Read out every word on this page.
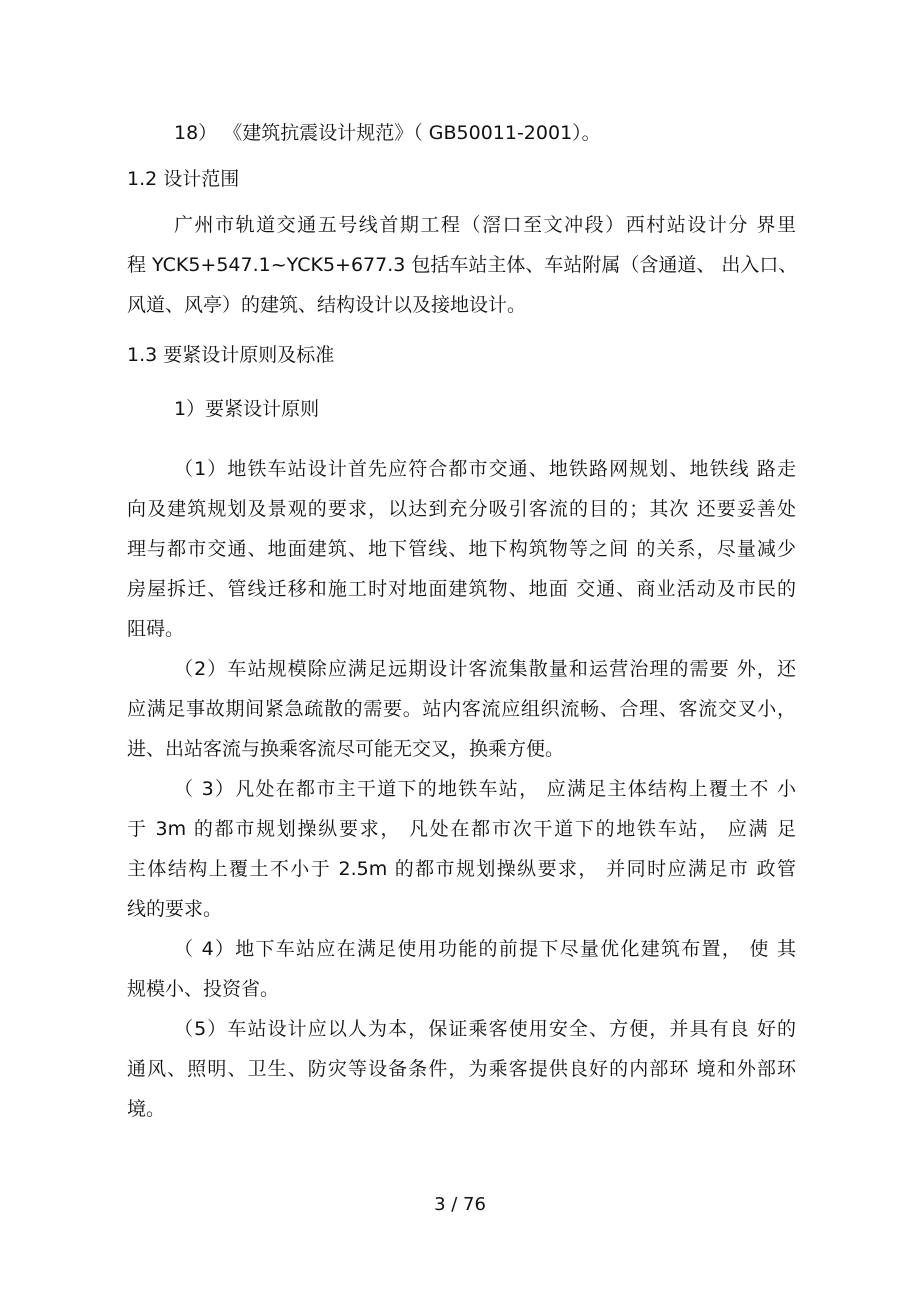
18） 《建筑抗震设计规范》（ GB50011-2001）。
1.2 设计范围
广州市轨道交通五号线首期工程（滘口至文冲段）西村站设计分 界里
程 YCK5+547.1~YCK5+677.3 包括车站主体、车站附属（含通道、 出入口、
风道、风亭）的建筑、结构设计以及接地设计。
1.3 要紧设计原则及标准
1）要紧设计原则
（1）地铁车站设计首先应符合都市交通、地铁路网规划、地铁线 路走
向及建筑规划及景观的要求，以达到充分吸引客流的目的；其次 还要妥善处
理与都市交通、地面建筑、地下管线、地下构筑物等之间 的关系，尽量减少
房屋拆迁、管线迁移和施工时对地面建筑物、地面 交通、商业活动及市民的
阻碍。
（2）车站规模除应满足远期设计客流集散量和运营治理的需要 外，还
应满足事故期间紧急疏散的需要。站内客流应组织流畅、合理、客流交叉小，
进、出站客流与换乘客流尽可能无交叉，换乘方便。
（ 3）凡处在都市主干道下的地铁车站， 应满足主体结构上覆土不 小
于 3m 的都市规划操纵要求， 凡处在都市次干道下的地铁车站， 应满 足
主体结构上覆土不小于 2.5m 的都市规划操纵要求， 并同时应满足市 政管
线的要求。
（ 4）地下车站应在满足使用功能的前提下尽量优化建筑布置， 使 其
规模小、投资省。
（5）车站设计应以人为本，保证乘客使用安全、方便，并具有良 好的
通风、照明、卫生、防灾等设备条件，为乘客提供良好的内部环 境和外部环
境。
3 / 76
